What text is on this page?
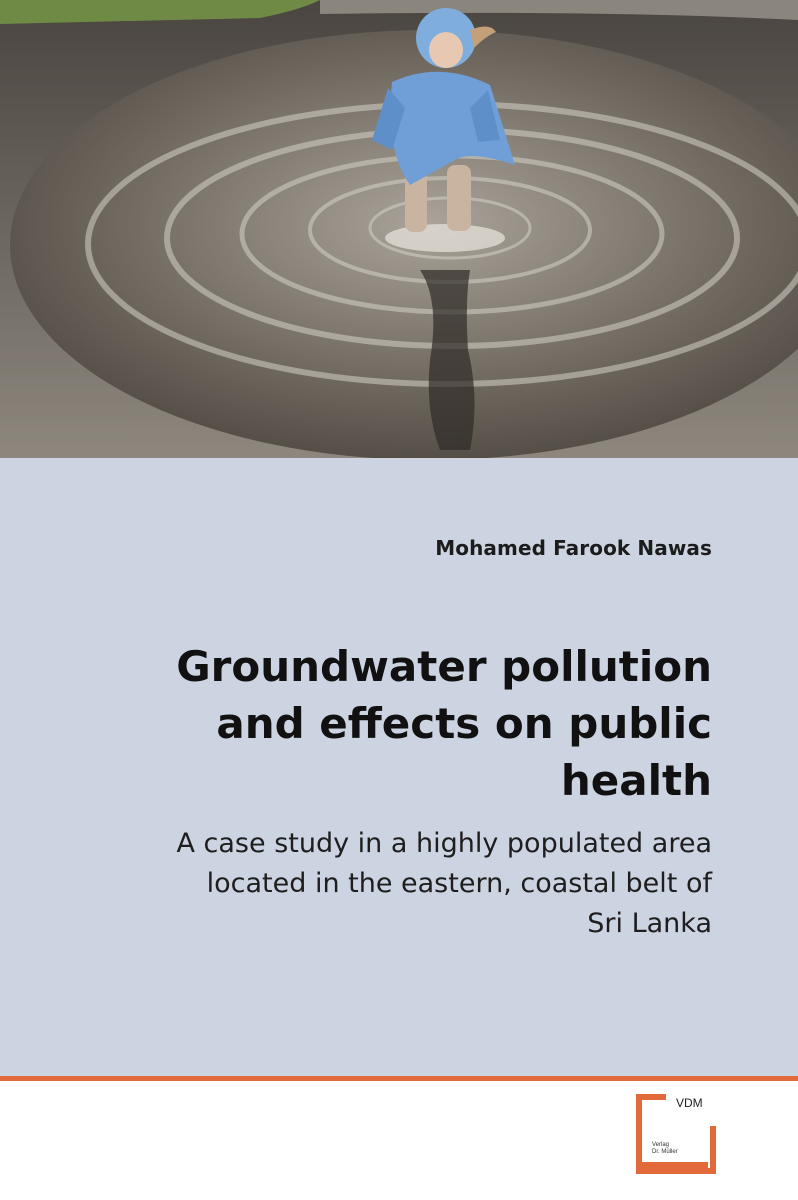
Mohamed Farook Nawas
Groundwater pollution
and effects on public
health
A case study in a highly populated area
located in the eastern, coastal belt of
Sri Lanka
VDM
Verlag
Dr. Müller
